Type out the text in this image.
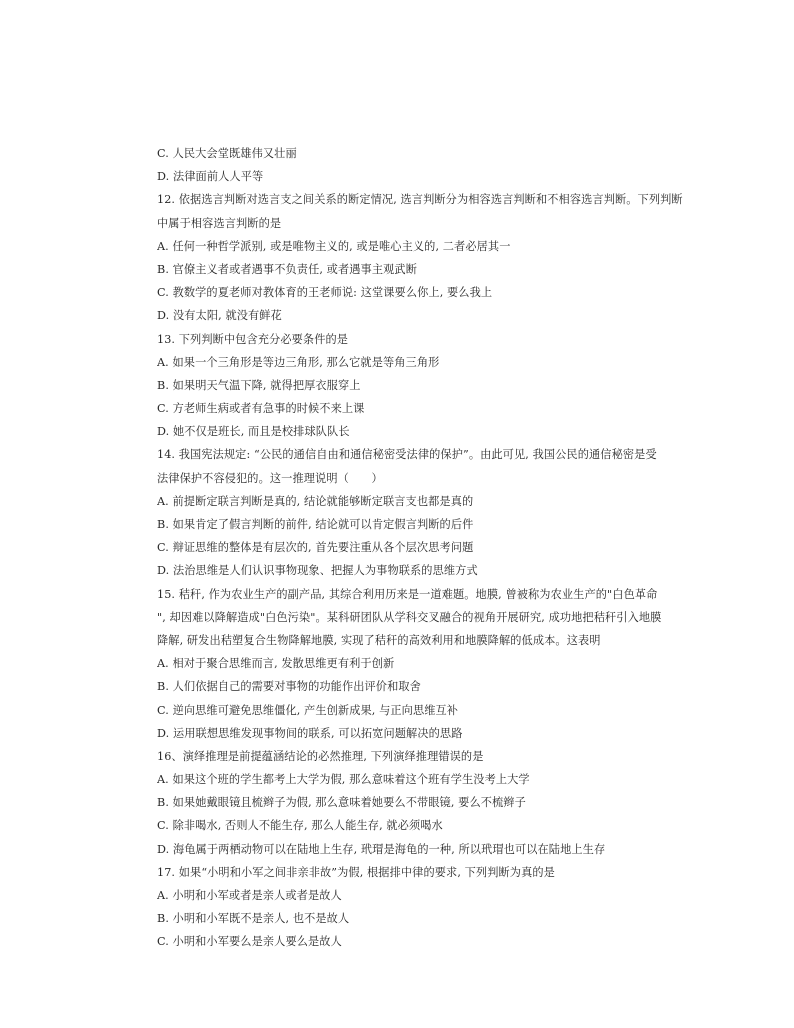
C. 人民大会堂既雄伟又壮丽
D. 法律面前人人平等
12. 依据选言判断对选言支之间关系的断定情况, 选言判断分为相容选言判断和不相容选言判断。下列判断
中属于相容选言判断的是
A. 任何一种哲学派别, 或是唯物主义的, 或是唯心主义的, 二者必居其一
B. 官僚主义者或者遇事不负责任, 或者遇事主观武断
C. 教数学的夏老师对教体育的王老师说: 这堂课要么你上, 要么我上
D. 没有太阳, 就没有鲜花
13. 下列判断中包含充分必要条件的是
A. 如果一个三角形是等边三角形, 那么它就是等角三角形
B. 如果明天气温下降, 就得把厚衣服穿上
C. 方老师生病或者有急事的时候不来上课
D. 她不仅是班长, 而且是校排球队队长
14. 我国宪法规定: “公民的通信自由和通信秘密受法律的保护”。由此可见, 我国公民的通信秘密是受
法律保护不容侵犯的。这一推理说明（　　）
A. 前提断定联言判断是真的, 结论就能够断定联言支也都是真的
B. 如果肯定了假言判断的前件, 结论就可以肯定假言判断的后件
C. 辩证思维的整体是有层次的, 首先要注重从各个层次思考问题
D. 法治思维是人们认识事物现象、把握人为事物联系的思维方式
15. 秸秆, 作为农业生产的副产品, 其综合利用历来是一道难题。地膜, 曾被称为农业生产的"白色革命
", 却因难以降解造成"白色污染"。某科研团队从学科交叉融合的视角开展研究, 成功地把秸秆引入地膜
降解, 研发出秸塑复合生物降解地膜, 实现了秸秆的高效利用和地膜降解的低成本。这表明
A. 相对于聚合思维而言, 发散思维更有利于创新
B. 人们依据自己的需要对事物的功能作出评价和取舍
C. 逆向思维可避免思维僵化, 产生创新成果, 与正向思维互补
D. 运用联想思维发现事物间的联系, 可以拓宽问题解决的思路
16、演绎推理是前提蕴涵结论的必然推理, 下列演绎推理错误的是
A. 如果这个班的学生都考上大学为假, 那么意味着这个班有学生没考上大学
B. 如果她戴眼镜且梳辫子为假, 那么意味着她要么不带眼镜, 要么不梳辫子
C. 除非喝水, 否则人不能生存, 那么人能生存, 就必须喝水
D. 海龟属于两栖动物可以在陆地上生存, 玳瑁是海龟的一种, 所以玳瑁也可以在陆地上生存
17. 如果“小明和小军之间非亲非故”为假, 根据排中律的要求, 下列判断为真的是
A. 小明和小军或者是亲人或者是故人
B. 小明和小军既不是亲人, 也不是故人
C. 小明和小军要么是亲人要么是故人
